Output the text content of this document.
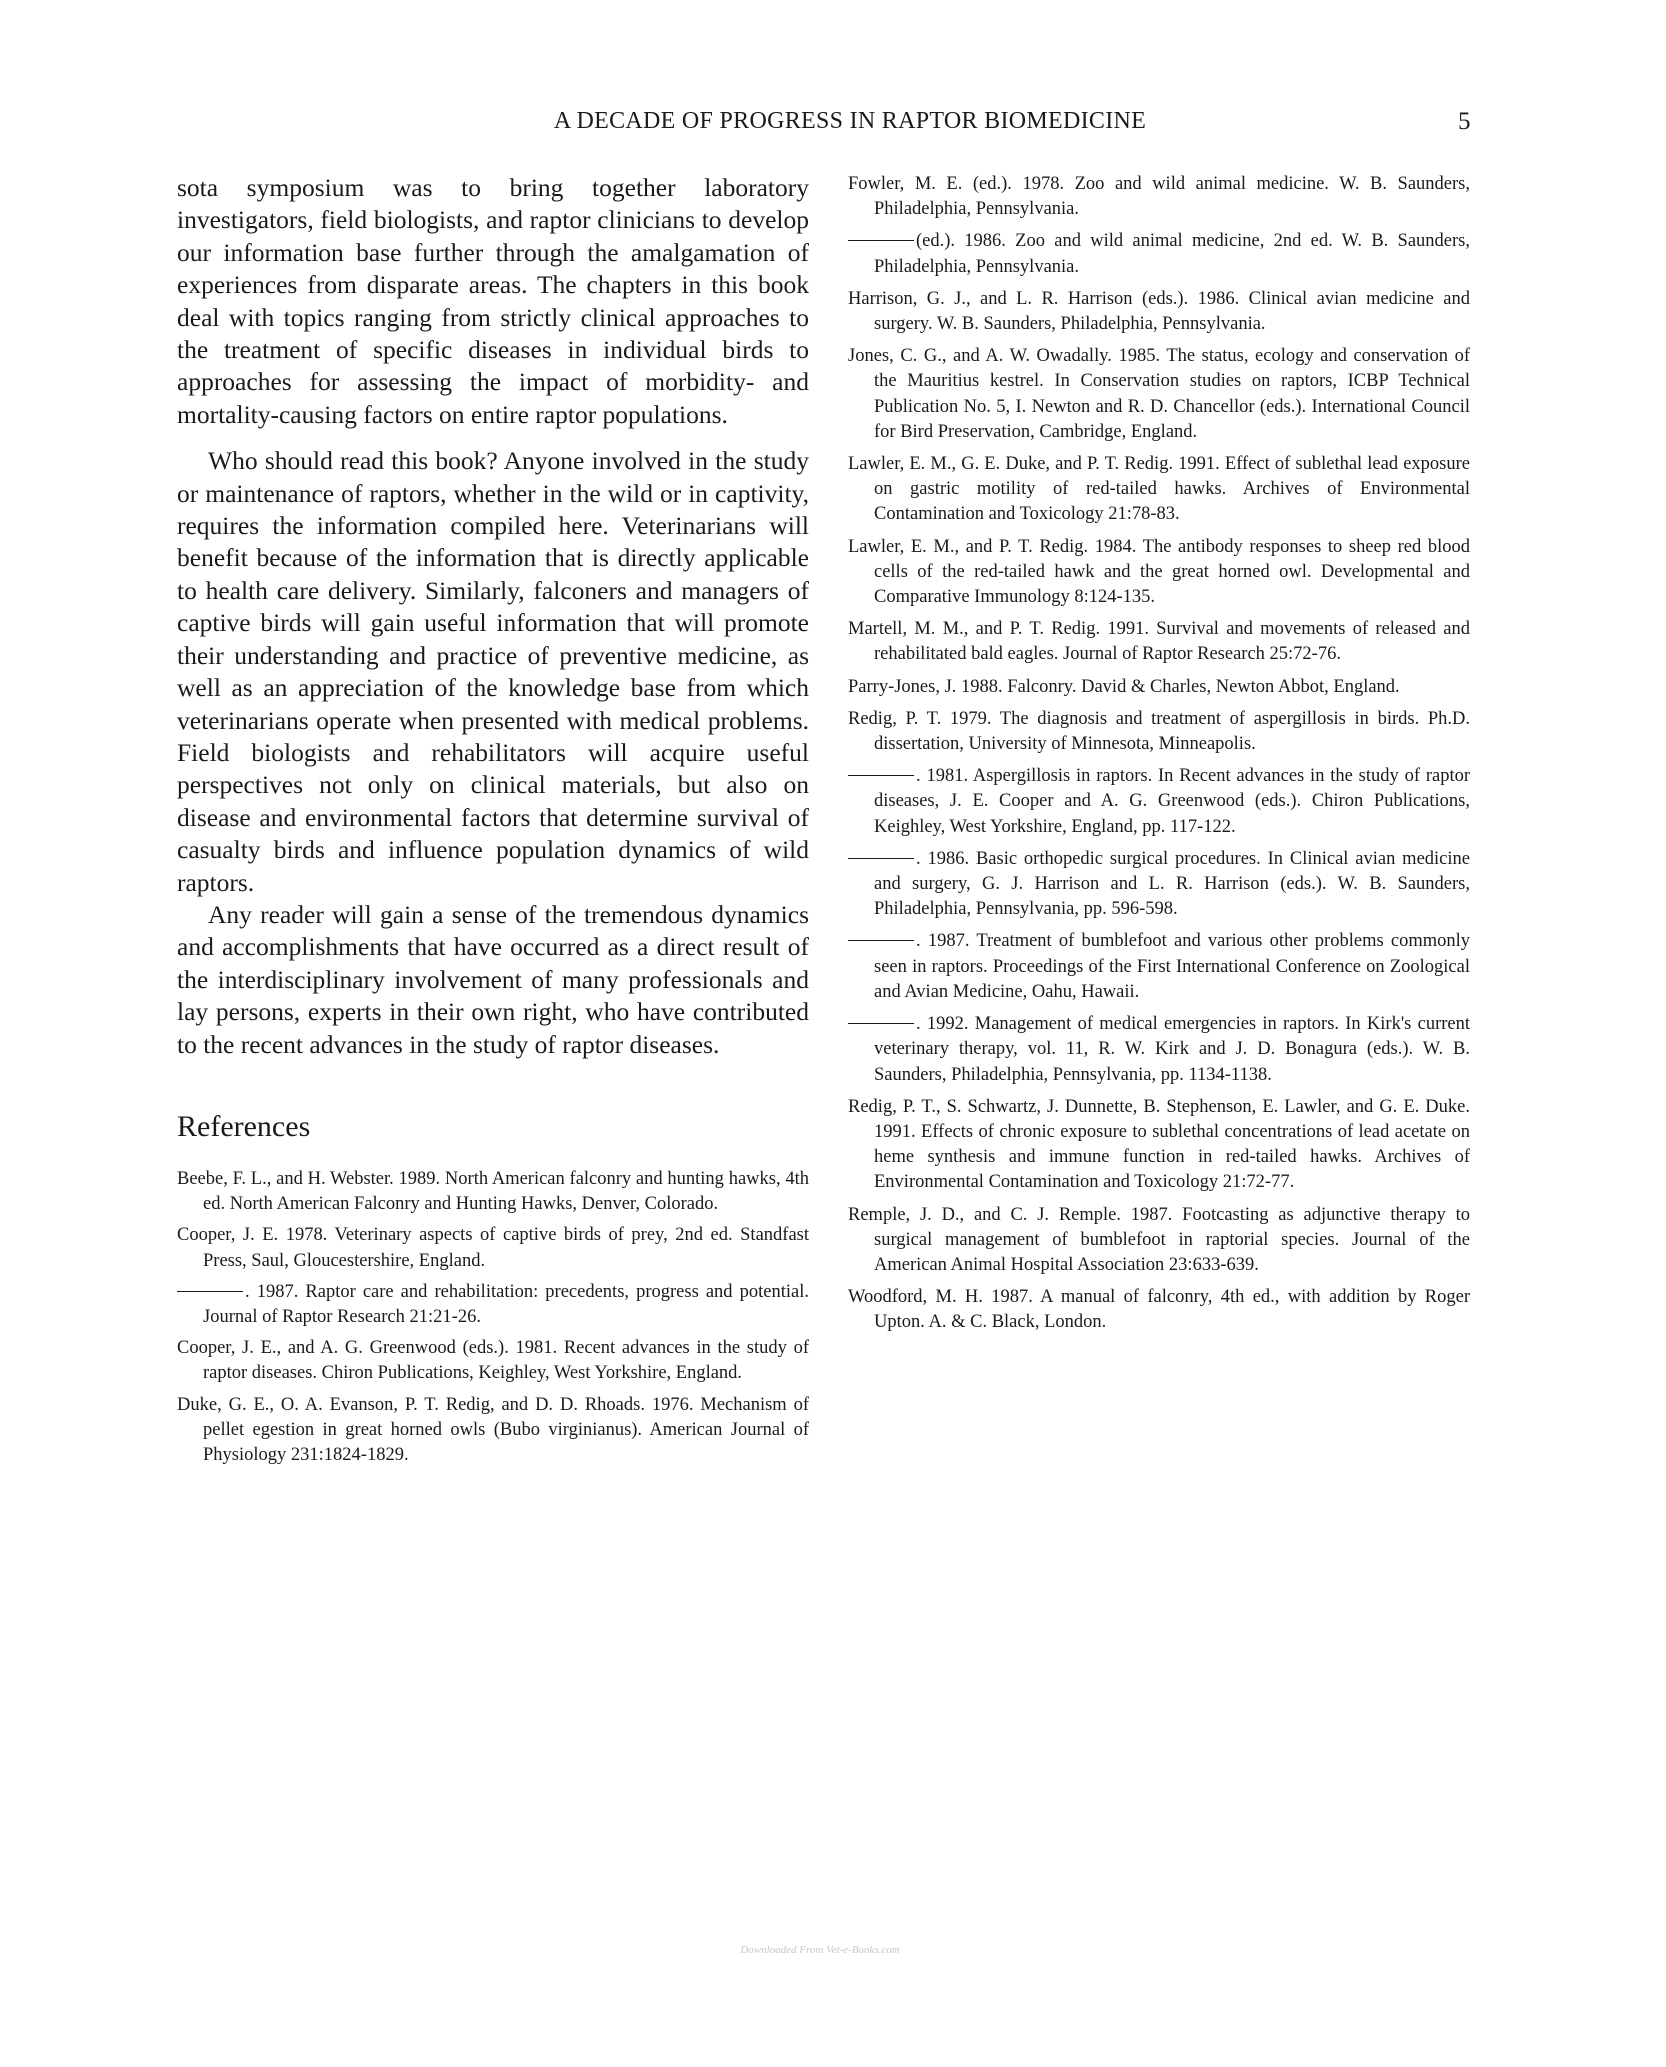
A DECADE OF PROGRESS IN RAPTOR BIOMEDICINE	5

sota symposium was to bring together laboratory investigators, field biologists, and raptor clinicians to develop our information base further through the amalgamation of experiences from disparate areas. The chapters in this book deal with topics ranging from strictly clinical approaches to the treatment of specific diseases in individual birds to approaches for assessing the impact of morbidity- and mortality-causing factors on entire raptor populations.

Who should read this book? Anyone involved in the study or maintenance of raptors, whether in the wild or in captivity, requires the information compiled here. Veterinarians will benefit because of the information that is directly applicable to health care delivery. Similarly, falconers and managers of captive birds will gain useful information that will promote their understanding and practice of preventive medicine, as well as an appreciation of the knowledge base from which veterinarians operate when presented with medical problems. Field biologists and rehabilitators will acquire useful perspectives not only on clinical materials, but also on disease and environmental factors that determine survival of casualty birds and influence population dynamics of wild raptors.

Any reader will gain a sense of the tremendous dynamics and accomplishments that have occurred as a direct result of the interdisciplinary involvement of many professionals and lay persons, experts in their own right, who have contributed to the recent advances in the study of raptor diseases.

References

Beebe, F. L., and H. Webster. 1989. North American falconry and hunting hawks, 4th ed. North American Falconry and Hunting Hawks, Denver, Colorado.

Cooper, J. E. 1978. Veterinary aspects of captive birds of prey, 2nd ed. Standfast Press, Saul, Gloucestershire, England.

. 1987. Raptor care and rehabilitation: precedents, progress and potential. Journal of Raptor Research 21:21-26.

Cooper, J. E., and A. G. Greenwood (eds.). 1981. Recent advances in the study of raptor diseases. Chiron Publications, Keighley, West Yorkshire, England.

Duke, G. E., O. A. Evanson, P. T. Redig, and D. D. Rhoads. 1976. Mechanism of pellet egestion in great horned owls (Bubo virginianus). American Journal of Physiology 231:1824-1829.

Fowler, M. E. (ed.). 1978. Zoo and wild animal medicine. W. B. Saunders, Philadelphia, Pennsylvania.

(ed.). 1986. Zoo and wild animal medicine, 2nd ed. W. B. Saunders, Philadelphia, Pennsylvania.

Harrison, G. J., and L. R. Harrison (eds.). 1986. Clinical avian medicine and surgery. W. B. Saunders, Philadelphia, Pennsylvania.

Jones, C. G., and A. W. Owadally. 1985. The status, ecology and conservation of the Mauritius kestrel. In Conservation studies on raptors, ICBP Technical Publication No. 5, I. Newton and R. D. Chancellor (eds.). International Council for Bird Preservation, Cambridge, England.

Lawler, E. M., G. E. Duke, and P. T. Redig. 1991. Effect of sublethal lead exposure on gastric motility of red-tailed hawks. Archives of Environmental Contamination and Toxicology 21:78-83.

Lawler, E. M., and P. T. Redig. 1984. The antibody responses to sheep red blood cells of the red-tailed hawk and the great horned owl. Developmental and Comparative Immunology 8:124-135.

Martell, M. M., and P. T. Redig. 1991. Survival and movements of released and rehabilitated bald eagles. Journal of Raptor Research 25:72-76.

Parry-Jones, J. 1988. Falconry. David & Charles, Newton Abbot, England.

Redig, P. T. 1979. The diagnosis and treatment of aspergillosis in birds. Ph.D. dissertation, University of Minnesota, Minneapolis.

. 1981. Aspergillosis in raptors. In Recent advances in the study of raptor diseases, J. E. Cooper and A. G. Greenwood (eds.). Chiron Publications, Keighley, West Yorkshire, England, pp. 117-122.

. 1986. Basic orthopedic surgical procedures. In Clinical avian medicine and surgery, G. J. Harrison and L. R. Harrison (eds.). W. B. Saunders, Philadelphia, Pennsylvania, pp. 596-598.

. 1987. Treatment of bumblefoot and various other problems commonly seen in raptors. Proceedings of the First International Conference on Zoological and Avian Medicine, Oahu, Hawaii.

. 1992. Management of medical emergencies in raptors. In Kirk's current veterinary therapy, vol. 11, R. W. Kirk and J. D. Bonagura (eds.). W. B. Saunders, Philadelphia, Pennsylvania, pp. 1134-1138.

Redig, P. T., S. Schwartz, J. Dunnette, B. Stephenson, E. Lawler, and G. E. Duke. 1991. Effects of chronic exposure to sublethal concentrations of lead acetate on heme synthesis and immune function in red-tailed hawks. Archives of Environmental Contamination and Toxicology 21:72-77.

Remple, J. D., and C. J. Remple. 1987. Footcasting as adjunctive therapy to surgical management of bumblefoot in raptorial species. Journal of the American Animal Hospital Association 23:633-639.

Woodford, M. H. 1987. A manual of falconry, 4th ed., with addition by Roger Upton. A. & C. Black, London.

Downloaded From Vet-e-Books.com
